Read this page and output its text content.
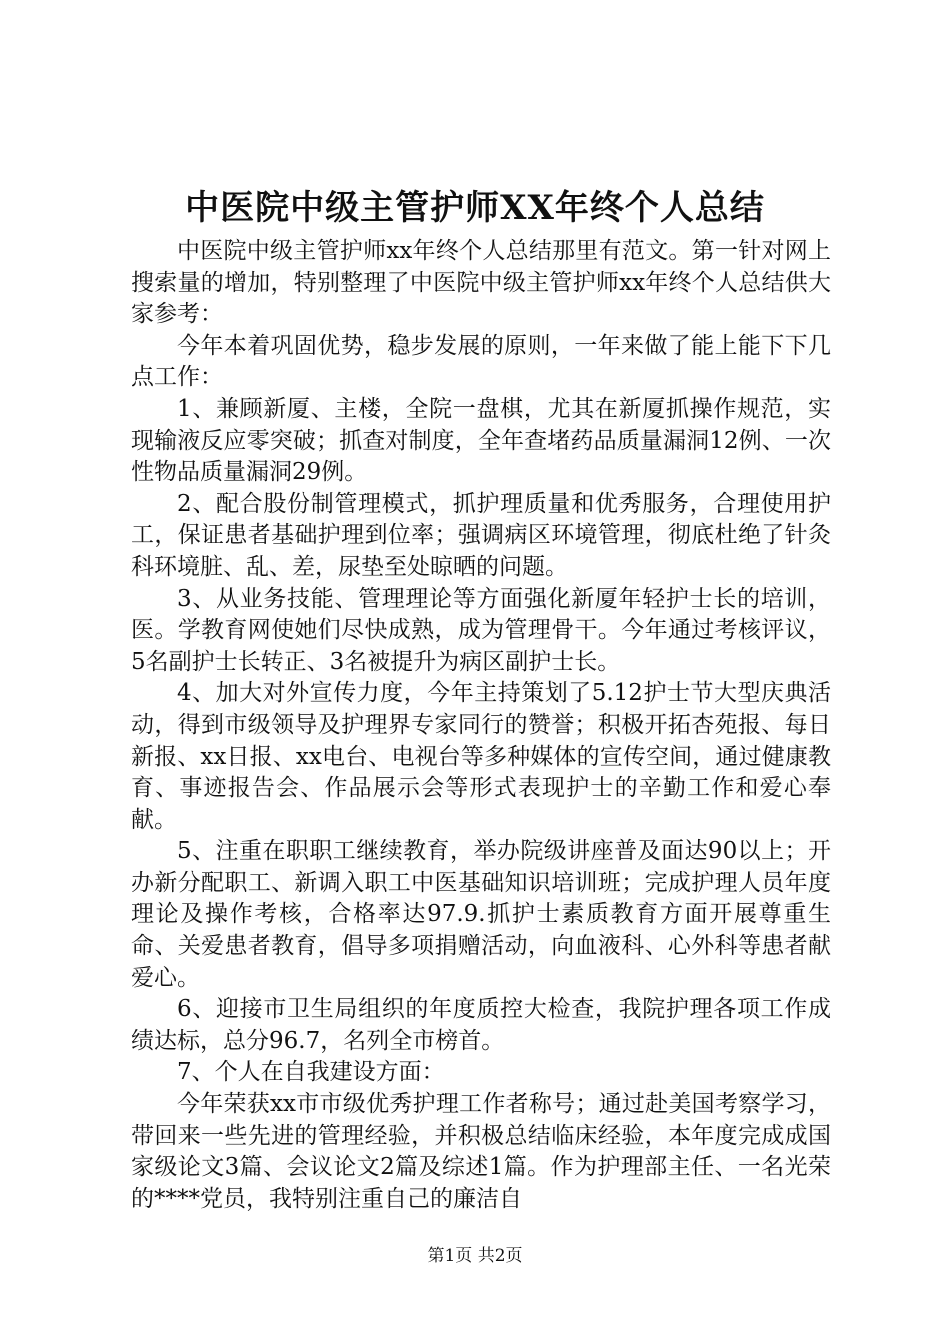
中医院中级主管护师XX年终个人总结

中医院中级主管护师xx年终个人总结那里有范文。第一针对网上搜索量的增加，特别整理了中医院中级主管护师xx年终个人总结供大家参考：

今年本着巩固优势，稳步发展的原则，一年来做了能上能下下几点工作：

1、兼顾新厦、主楼，全院一盘棋，尤其在新厦抓操作规范，实现输液反应零突破；抓查对制度，全年查堵药品质量漏洞12例、一次性物品质量漏洞29例。

2、配合股份制管理模式，抓护理质量和优秀服务，合理使用护工，保证患者基础护理到位率；强调病区环境管理，彻底杜绝了针灸科环境脏、乱、差，尿垫至处晾晒的问题。

3、从业务技能、管理理论等方面强化新厦年轻护士长的培训，医。学教育网使她们尽快成熟，成为管理骨干。今年通过考核评议，5名副护士长转正、3名被提升为病区副护士长。

4、加大对外宣传力度，今年主持策划了5.12护士节大型庆典活动，得到市级领导及护理界专家同行的赞誉；积极开拓杏苑报、每日新报、xx日报、xx电台、电视台等多种媒体的宣传空间，通过健康教育、事迹报告会、作品展示会等形式表现护士的辛勤工作和爱心奉献。

5、注重在职职工继续教育，举办院级讲座普及面达90以上；开办新分配职工、新调入职工中医基础知识培训班；完成护理人员年度理论及操作考核，合格率达97.9.抓护士素质教育方面开展尊重生命、关爱患者教育，倡导多项捐赠活动，向血液科、心外科等患者献爱心。

6、迎接市卫生局组织的年度质控大检查，我院护理各项工作成绩达标，总分96.7，名列全市榜首。

7、个人在自我建设方面：

今年荣获xx市市级优秀护理工作者称号；通过赴美国考察学习，带回来一些先进的管理经验，并积极总结临床经验，本年度完成成国家级论文3篇、会议论文2篇及综述1篇。作为护理部主任、一名光荣的****党员，我特别注重自己的廉洁自

第1页 共2页
